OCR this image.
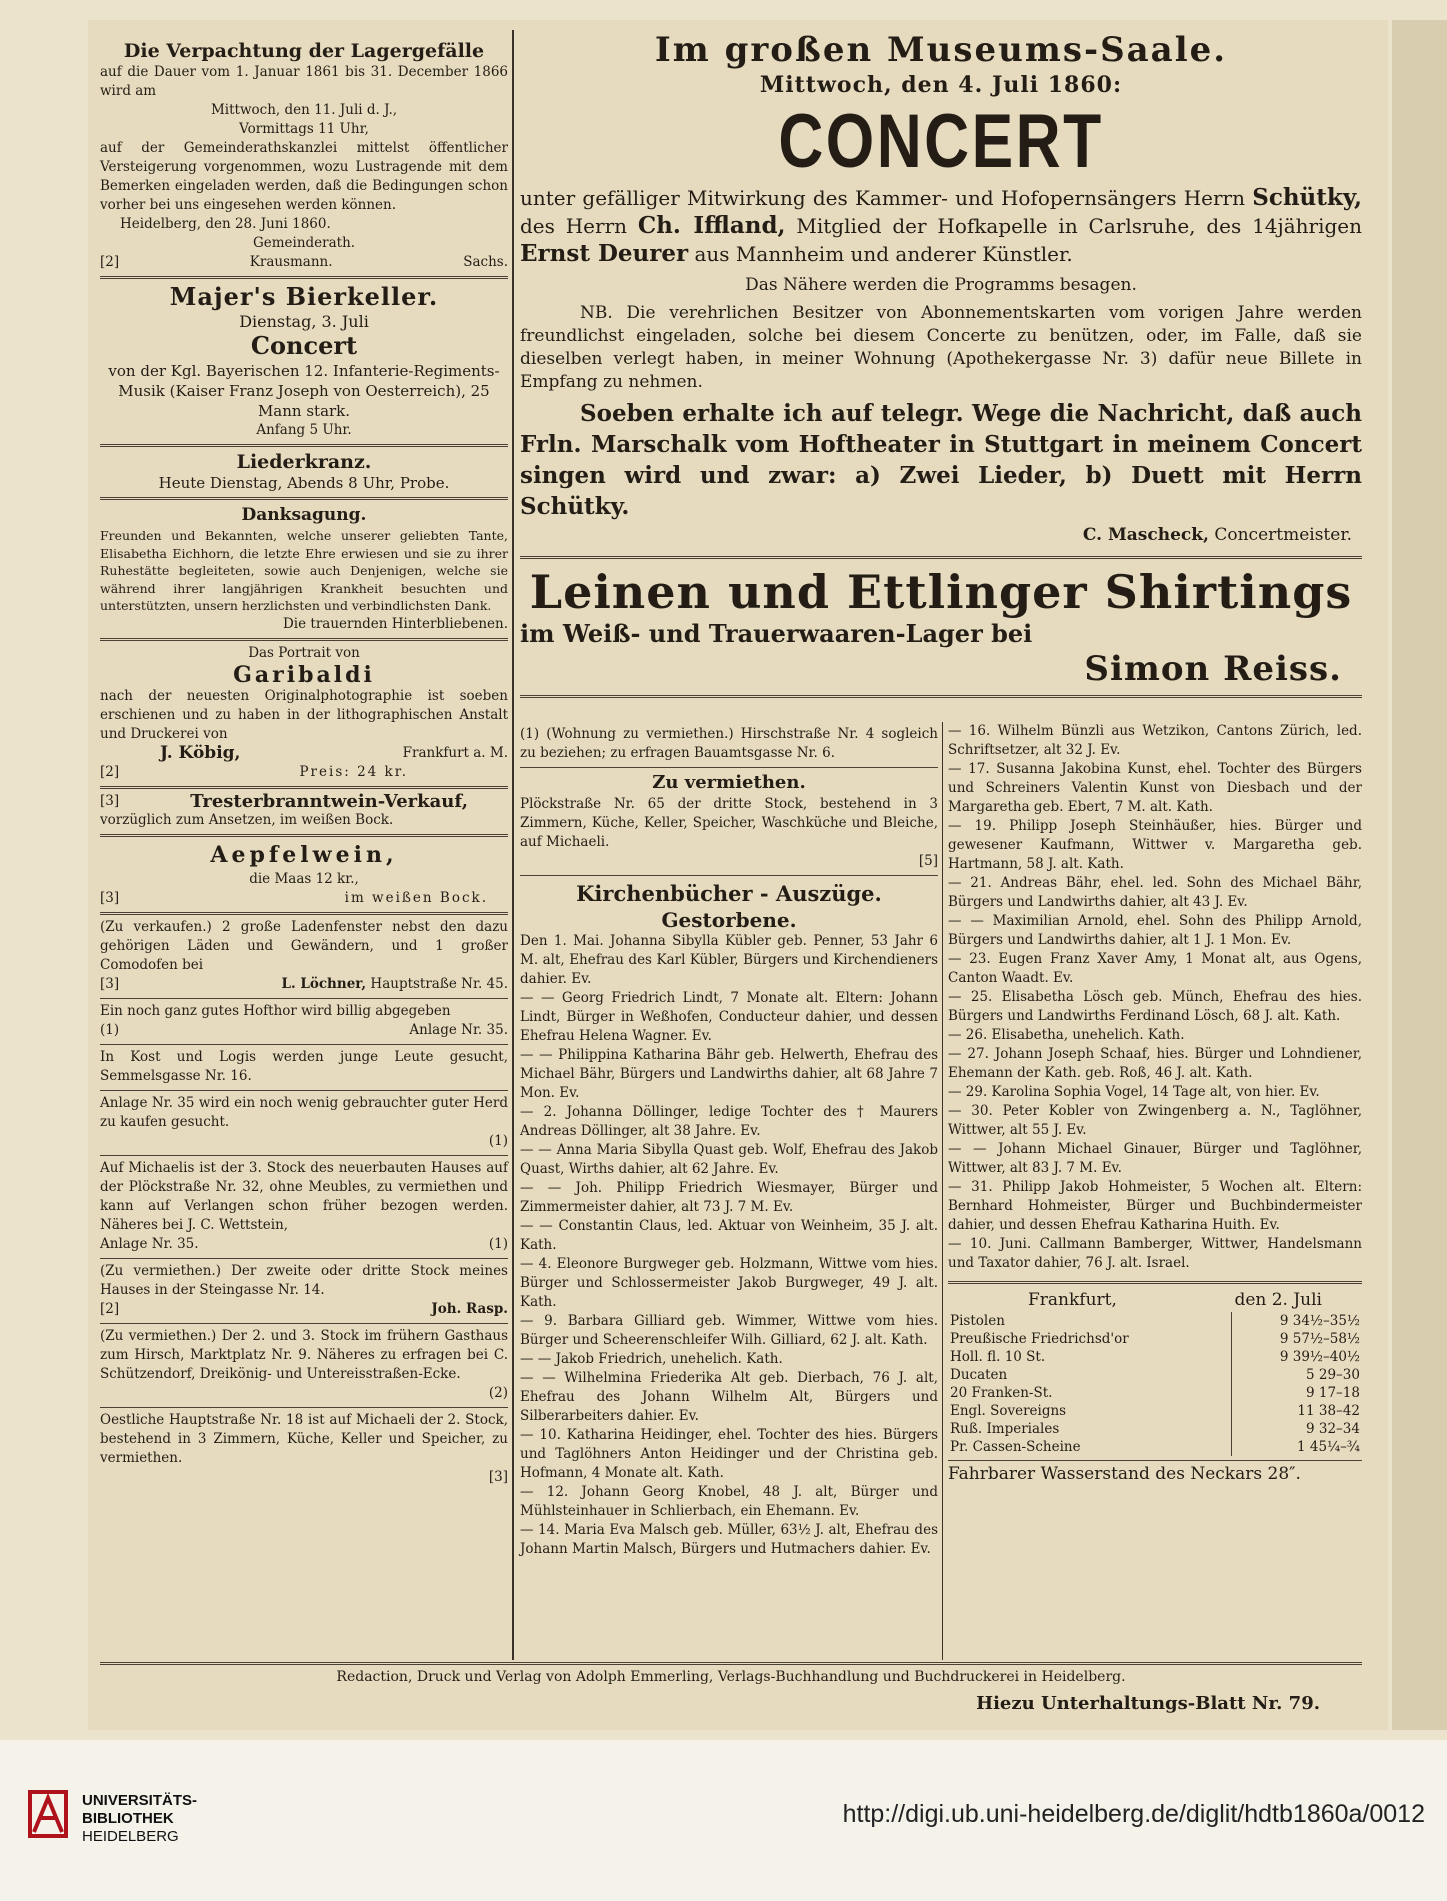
Die Verpachtung der Lagergefälle
auf die Dauer vom 1. Januar 1861 bis 31. December 1866 wird am
Mittwoch, den 11. Juli d. J.,
Vormittags 11 Uhr,
auf der Gemeinderathskanzlei mittelst öffentlicher Versteigerung vorgenommen, wozu Lustragende mit dem Bemerken eingeladen werden, daß die Bedingungen schon vorher bei uns eingesehen werden können.
Heidelberg, den 28. Juni 1860.
Gemeinderath.
[2]	Krausmann.	Sachs.
Majer's Bierkeller.
Dienstag, 3. Juli
Concert
von der Kgl. Bayerischen 12. Infanterie-Regiments-Musik (Kaiser Franz Joseph von Oesterreich), 25 Mann stark.
Anfang 5 Uhr.
Liederkranz.
Heute Dienstag, Abends 8 Uhr, Probe.
Danksagung.
Freunden und Bekannten, welche unserer geliebten Tante, Elisabetha Eichhorn, die letzte Ehre erwiesen und sie zu ihrer Ruhestätte begleiteten, sowie auch Denjenigen, welche sie während ihrer langjährigen Krankheit besuchten und unterstützten, unsern herzlichsten und verbindlichsten Dank.
Die trauernden Hinterbliebenen.
Das Portrait von
Garibaldi
nach der neuesten Originalphotographie ist soeben erschienen und zu haben in der lithographischen Anstalt und Druckerei von
J. Köbig,	Frankfurt a. M.
[2]	Preis: 24 kr.
[3]	Tresterbranntwein-Verkauf,
vorzüglich zum Ansetzen, im weißen Bock.
Aepfelwein,
die Maas 12 kr.,
[3]	im weißen Bock.
(Zu verkaufen.) 2 große Ladenfenster nebst den dazu gehörigen Läden und Gewändern, und 1 großer Comodofen bei
[3]	L. Löchner, Hauptstraße Nr. 45.
Ein noch ganz gutes Hofthor wird billig abgegeben
(1)	Anlage Nr. 35.
In Kost und Logis werden junge Leute gesucht, Semmelsgasse Nr. 16.
Anlage Nr. 35 wird ein noch wenig gebrauchter guter Herd zu kaufen gesucht.
(1)
Auf Michaelis ist der 3. Stock des neuerbauten Hauses auf der Plöckstraße Nr. 32, ohne Meubles, zu vermiethen und kann auf Verlangen schon früher bezogen werden. Näheres bei J. C. Wettstein,
Anlage Nr. 35.	(1)
(Zu vermiethen.) Der zweite oder dritte Stock meines Hauses in der Steingasse Nr. 14.
[2]	Joh. Rasp.
(Zu vermiethen.) Der 2. und 3. Stock im frühern Gasthaus zum Hirsch, Marktplatz Nr. 9. Näheres zu erfragen bei C. Schützendorf, Dreikönig- und Untereisstraßen-Ecke.
(2)
Oestliche Hauptstraße Nr. 18 ist auf Michaeli der 2. Stock, bestehend in 3 Zimmern, Küche, Keller und Speicher, zu vermiethen.
[3]
Im großen Museums-Saale.
Mittwoch, den 4. Juli 1860:
CONCERT
unter gefälliger Mitwirkung des Kammer- und Hofopernsängers Herrn Schütky, des Herrn Ch. Iffland, Mitglied der Hofkapelle in Carlsruhe, des 14jährigen Ernst Deurer aus Mannheim und anderer Künstler.
Das Nähere werden die Programms besagen.
NB. Die verehrlichen Besitzer von Abonnementskarten vom vorigen Jahre werden freundlichst eingeladen, solche bei diesem Concerte zu benützen, oder, im Falle, daß sie dieselben verlegt haben, in meiner Wohnung (Apothekergasse Nr. 3) dafür neue Billete in Empfang zu nehmen.
Soeben erhalte ich auf telegr. Wege die Nachricht, daß auch Frln. Marschalk vom Hoftheater in Stuttgart in meinem Concert singen wird und zwar: a) Zwei Lieder, b) Duett mit Herrn Schütky.
C. Mascheck, Concertmeister.
Leinen und Ettlinger Shirtings
im Weiß- und Trauerwaaren-Lager bei
Simon Reiss.
(1) (Wohnung zu vermiethen.) Hirschstraße Nr. 4 sogleich zu beziehen; zu erfragen Bauamtsgasse Nr. 6.
Zu vermiethen.
Plöckstraße Nr. 65 der dritte Stock, bestehend in 3 Zimmern, Küche, Keller, Speicher, Waschküche und Bleiche, auf Michaeli.
[5]
Kirchenbücher - Auszüge.
Gestorbene.

Den 1. Mai. Johanna Sibylla Kübler geb. Penner, 53 Jahr 6 M. alt, Ehefrau des Karl Kübler, Bürgers und Kirchendieners dahier. Ev.

— — Georg Friedrich Lindt, 7 Monate alt. Eltern: Johann Lindt, Bürger in Weßhofen, Conducteur dahier, und dessen Ehefrau Helena Wagner. Ev.

— — Philippina Katharina Bähr geb. Helwerth, Ehefrau des Michael Bähr, Bürgers und Landwirths dahier, alt 68 Jahre 7 Mon. Ev.

— 2. Johanna Döllinger, ledige Tochter des † Maurers Andreas Döllinger, alt 38 Jahre. Ev.

— — Anna Maria Sibylla Quast geb. Wolf, Ehefrau des Jakob Quast, Wirths dahier, alt 62 Jahre. Ev.

— — Joh. Philipp Friedrich Wiesmayer, Bürger und Zimmermeister dahier, alt 73 J. 7 M. Ev.

— — Constantin Claus, led. Aktuar von Weinheim, 35 J. alt. Kath.

— 4. Eleonore Burgweger geb. Holzmann, Wittwe vom hies. Bürger und Schlossermeister Jakob Burgweger, 49 J. alt. Kath.

— 9. Barbara Gilliard geb. Wimmer, Wittwe vom hies. Bürger und Scheerenschleifer Wilh. Gilliard, 62 J. alt. Kath.

— — Jakob Friedrich, unehelich. Kath.

— — Wilhelmina Friederika Alt geb. Dierbach, 76 J. alt, Ehefrau des Johann Wilhelm Alt, Bürgers und Silberarbeiters dahier. Ev.

— 10. Katharina Heidinger, ehel. Tochter des hies. Bürgers und Taglöhners Anton Heidinger und der Christina geb. Hofmann, 4 Monate alt. Kath.

— 12. Johann Georg Knobel, 48 J. alt, Bürger und Mühlsteinhauer in Schlierbach, ein Ehemann. Ev.

— 14. Maria Eva Malsch geb. Müller, 63½ J. alt, Ehefrau des Johann Martin Malsch, Bürgers und Hutmachers dahier. Ev.

— 16. Wilhelm Bünzli aus Wetzikon, Cantons Zürich, led. Schriftsetzer, alt 32 J. Ev.

— 17. Susanna Jakobina Kunst, ehel. Tochter des Bürgers und Schreiners Valentin Kunst von Diesbach und der Margaretha geb. Ebert, 7 M. alt. Kath.

— 19. Philipp Joseph Steinhäußer, hies. Bürger und gewesener Kaufmann, Wittwer v. Margaretha geb. Hartmann, 58 J. alt. Kath.

— 21. Andreas Bähr, ehel. led. Sohn des Michael Bähr, Bürgers und Landwirths dahier, alt 43 J. Ev.

— — Maximilian Arnold, ehel. Sohn des Philipp Arnold, Bürgers und Landwirths dahier, alt 1 J. 1 Mon. Ev.

— 23. Eugen Franz Xaver Amy, 1 Monat alt, aus Ogens, Canton Waadt. Ev.

— 25. Elisabetha Lösch geb. Münch, Ehefrau des hies. Bürgers und Landwirths Ferdinand Lösch, 68 J. alt. Kath.

— 26. Elisabetha, unehelich. Kath.

— 27. Johann Joseph Schaaf, hies. Bürger und Lohndiener, Ehemann der Kath. geb. Roß, 46 J. alt. Kath.

— 29. Karolina Sophia Vogel, 14 Tage alt, von hier. Ev.

— 30. Peter Kobler von Zwingenberg a. N., Taglöhner, Wittwer, alt 55 J. Ev.

— — Johann Michael Ginauer, Bürger und Taglöhner, Wittwer, alt 83 J. 7 M. Ev.

— 31. Philipp Jakob Hohmeister, 5 Wochen alt. Eltern: Bernhard Hohmeister, Bürger und Buchbindermeister dahier, und dessen Ehefrau Katharina Huith. Ev.

— 10. Juni. Callmann Bamberger, Wittwer, Handelsmann und Taxator dahier, 76 J. alt. Israel.

Frankfurt,	den 2. Juli
Pistolen	9 34½–35½
Preußische Friedrichsd'or	9 57½–58½
Holl. fl. 10 St.	9 39½–40½
Ducaten	5 29–30
20 Franken-St.	9 17–18
Engl. Sovereigns	11 38–42
Ruß. Imperiales	9 32–34
Pr. Cassen-Scheine	1 45¼–¾
Fahrbarer Wasserstand des Neckars 28″.
Redaction, Druck und Verlag von Adolph Emmerling, Verlags-Buchhandlung und Buchdruckerei in Heidelberg.
Hiezu Unterhaltungs-Blatt Nr. 79.
UNIVERSITÄTS-
BIBLIOTHEK
HEIDELBERG
http://digi.ub.uni-heidelberg.de/diglit/hdtb1860a/0012
